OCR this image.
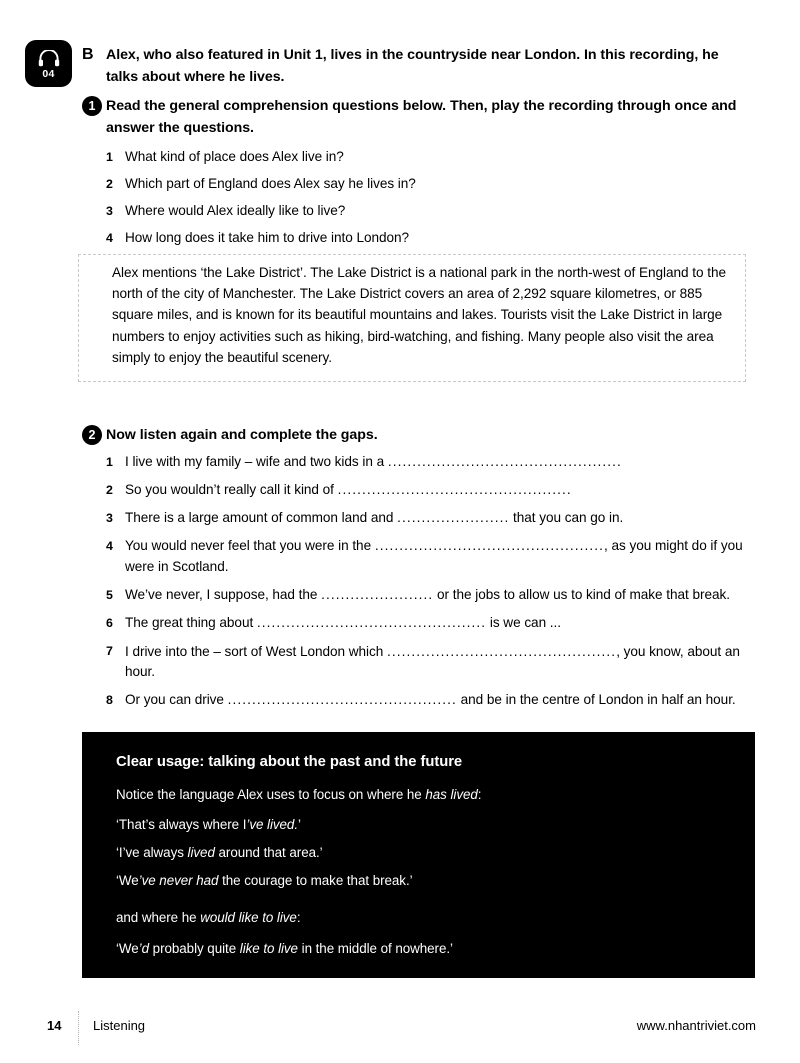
04
B Alex, who also featured in Unit 1, lives in the countryside near London. In this recording, he talks about where he lives.
1 Read the general comprehension questions below. Then, play the recording through once and answer the questions.
1 What kind of place does Alex live in?
2 Which part of England does Alex say he lives in?
3 Where would Alex ideally like to live?
4 How long does it take him to drive into London?
Alex mentions ‘the Lake District’. The Lake District is a national park in the north-west of England to the north of the city of Manchester. The Lake District covers an area of 2,292 square kilometres, or 885 square miles, and is known for its beautiful mountains and lakes. Tourists visit the Lake District in large numbers to enjoy activities such as hiking, bird-watching, and fishing. Many people also visit the area simply to enjoy the beautiful scenery.
2 Now listen again and complete the gaps.
1 I live with my family – wife and two kids in a ................................................
2 So you wouldn’t really call it kind of ................................................
3 There is a large amount of common land and ....................... that you can go in.
4 You would never feel that you were in the ..............................................., as you might do if you were in Scotland.
5 We’ve never, I suppose, had the ....................... or the jobs to allow us to kind of make that break.
6 The great thing about ............................................... is we can ...
7 I drive into the – sort of West London which ..............................................., you know, about an hour.
8 Or you can drive ............................................... and be in the centre of London in half an hour.
Clear usage: talking about the past and the future
Notice the language Alex uses to focus on where he has lived:
‘That’s always where I’ve lived.’
‘I’ve always lived around that area.’
‘We’ve never had the courage to make that break.’
and where he would like to live:
‘We’d probably quite like to live in the middle of nowhere.’
Where have you lived and where would you like to live?
14 Listening	www.nhantriviet.com
